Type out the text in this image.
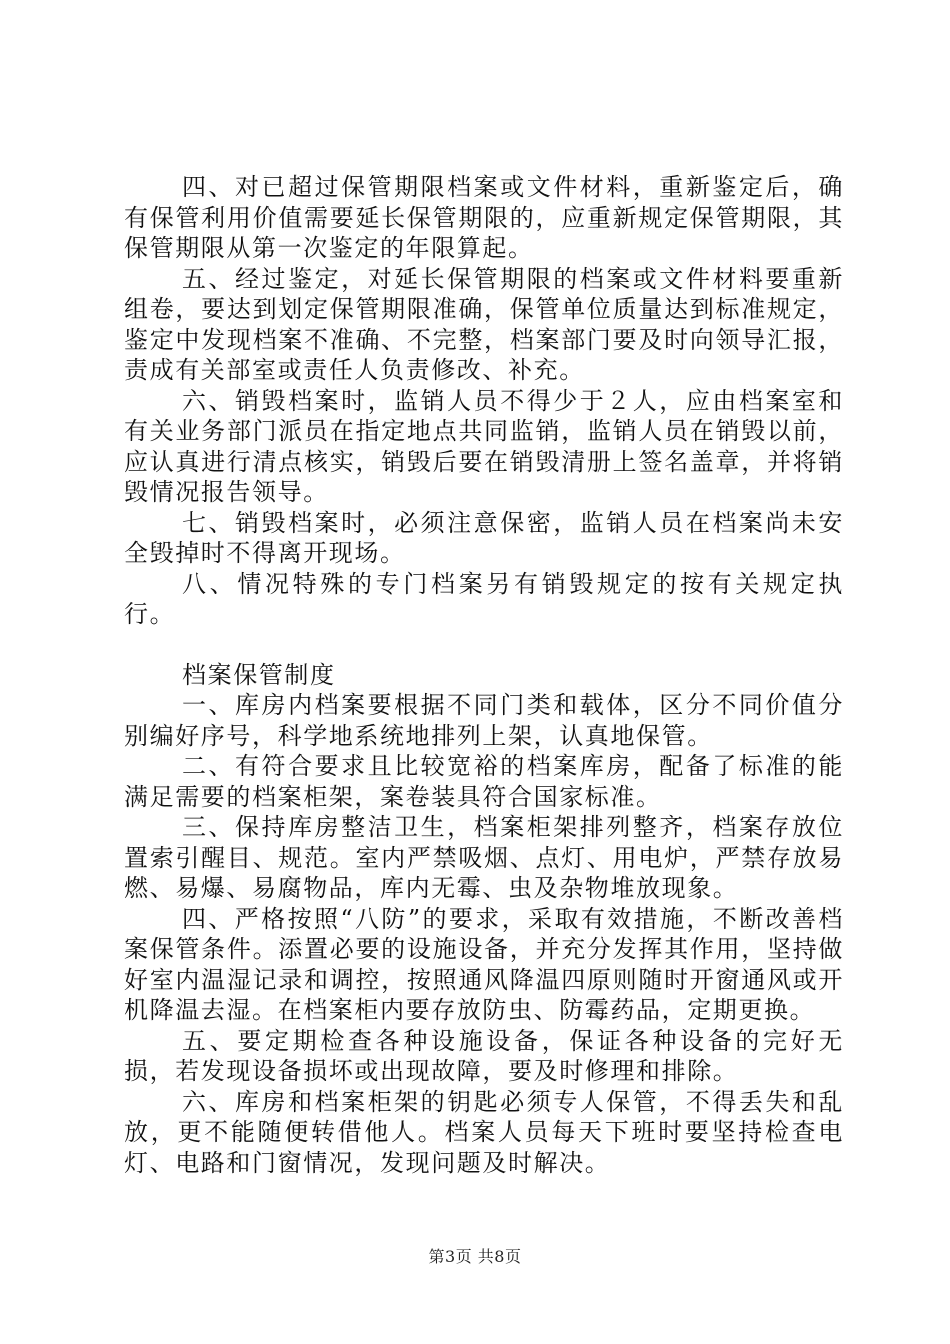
四、对已超过保管期限档案或文件材料，重新鉴定后，确有保管利用价值需要延长保管期限的，应重新规定保管期限，其保管期限从第一次鉴定的年限算起。

五、经过鉴定，对延长保管期限的档案或文件材料要重新组卷，要达到划定保管期限准确，保管单位质量达到标准规定，鉴定中发现档案不准确、不完整，档案部门要及时向领导汇报，责成有关部室或责任人负责修改、补充。

六、销毁档案时，监销人员不得少于２人，应由档案室和有关业务部门派员在指定地点共同监销，监销人员在销毁以前，应认真进行清点核实，销毁后要在销毁清册上签名盖章，并将销毁情况报告领导。

七、销毁档案时，必须注意保密，监销人员在档案尚未安全毁掉时不得离开现场。

八、情况特殊的专门档案另有销毁规定的按有关规定执行。

档案保管制度

一、库房内档案要根据不同门类和载体，区分不同价值分别编好序号，科学地系统地排列上架，认真地保管。

二、有符合要求且比较宽裕的档案库房，配备了标准的能满足需要的档案柜架，案卷装具符合国家标准。

三、保持库房整洁卫生，档案柜架排列整齐，档案存放位置索引醒目、规范。室内严禁吸烟、点灯、用电炉，严禁存放易燃、易爆、易腐物品，库内无霉、虫及杂物堆放现象。

四、严格按照“八防”的要求，采取有效措施，不断改善档案保管条件。添置必要的设施设备，并充分发挥其作用，坚持做好室内温湿记录和调控，按照通风降温四原则随时开窗通风或开机降温去湿。在档案柜内要存放防虫、防霉药品，定期更换。

五、要定期检查各种设施设备，保证各种设备的完好无损，若发现设备损坏或出现故障，要及时修理和排除。

六、库房和档案柜架的钥匙必须专人保管，不得丢失和乱放，更不能随便转借他人。档案人员每天下班时要坚持检查电灯、电路和门窗情况，发现问题及时解决。

第3页 共8页
